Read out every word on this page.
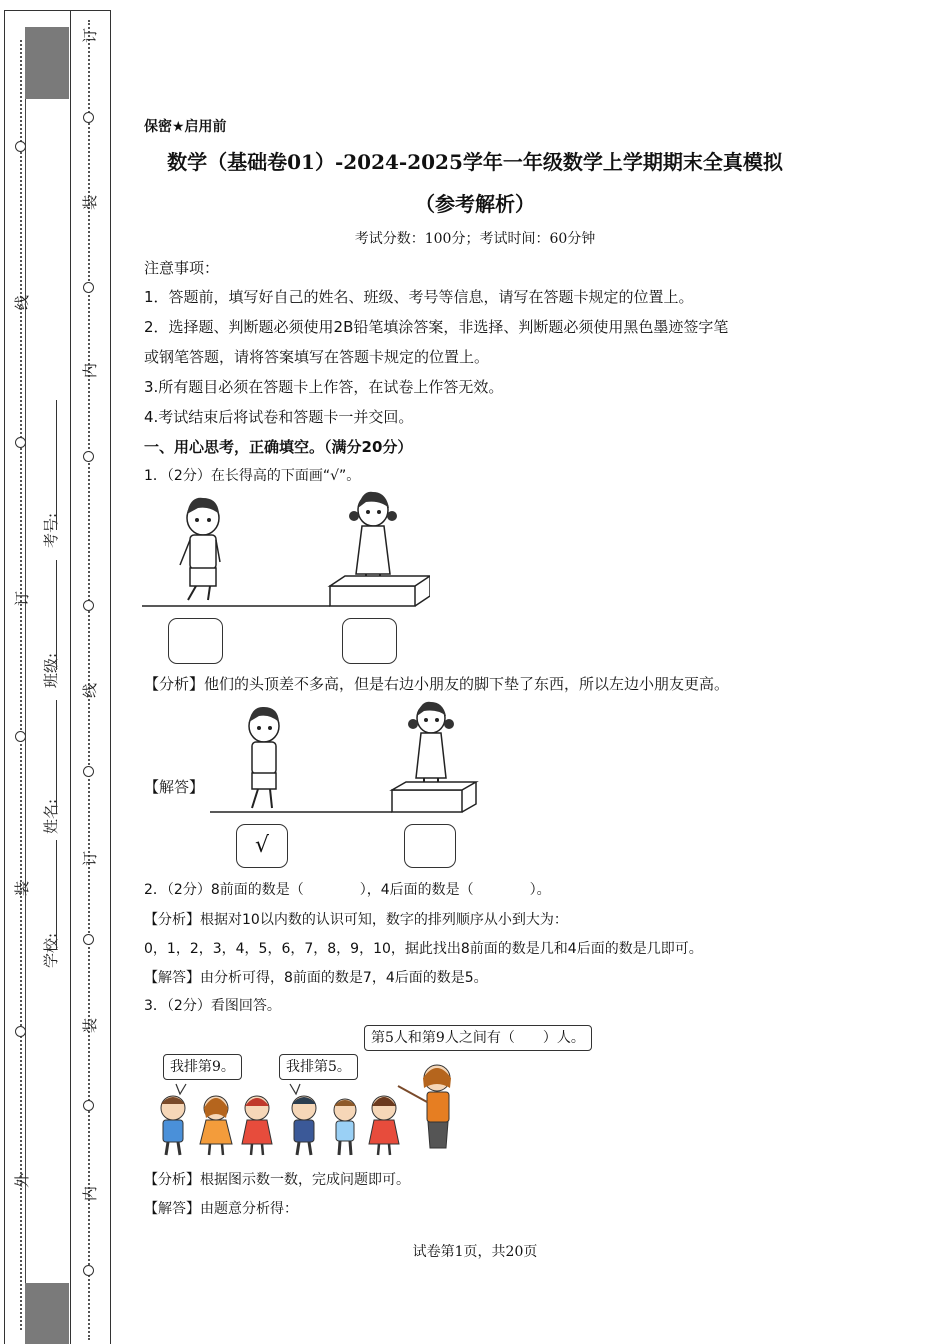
订
装
线
订
装
内
内
线
订
装
外
考号:
班级:
姓名:
学校:
保密★启用前
数学（基础卷01）-2024-2025学年一年级数学上学期期末全真模拟
（参考解析）
考试分数：100分；考试时间：60分钟
注意事项：
1．答题前，填写好自己的姓名、班级、考号等信息，请写在答题卡规定的位置上。
2．选择题、判断题必须使用2B铅笔填涂答案，非选择、判断题必须使用黑色墨迹签字笔
或钢笔答题，请将答案填写在答题卡规定的位置上。
3.所有题目必须在答题卡上作答，在试卷上作答无效。
4.考试结束后将试卷和答题卡一并交回。
一、用心思考，正确填空。（满分20分）
1．（2分）在长得高的下面画“√”。
【分析】他们的头顶差不多高，但是右边小朋友的脚下垫了东西，所以左边小朋友更高。
【解答】
√
2．（2分）8前面的数是（　　　　），4后面的数是（　　　　）。
【分析】根据对10以内数的认识可知，数字的排列顺序从小到大为：
0，1，2，3，4，5，6，7，8，9，10，据此找出8前面的数是几和4后面的数是几即可。
【解答】由分析可得，8前面的数是7，4后面的数是5。
3．（2分）看图回答。
第5人和第9人之间有（　　）人。
我排第9。	我排第5。
【分析】根据图示数一数，完成问题即可。
【解答】由题意分析得：
试卷第1页，共20页
